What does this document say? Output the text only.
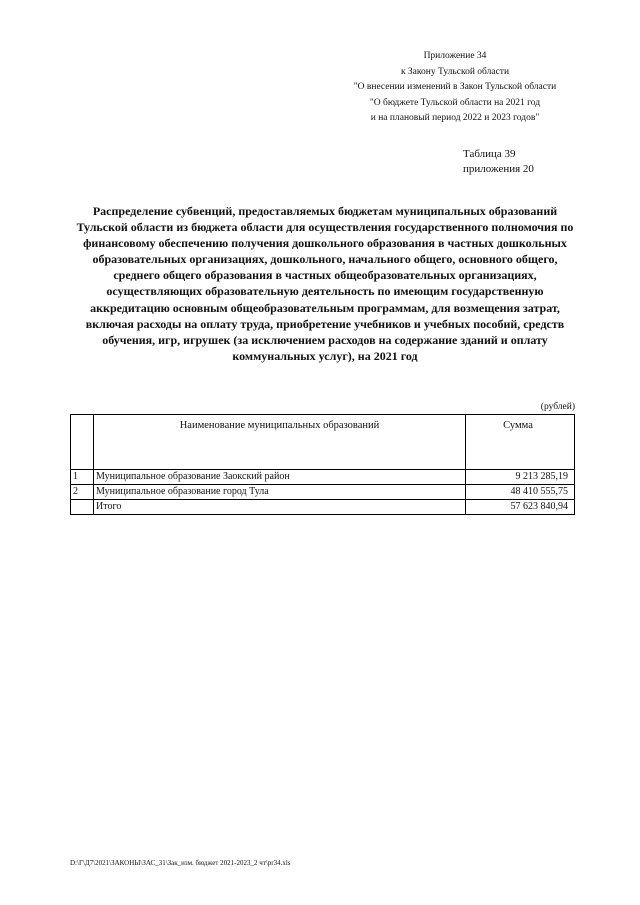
Приложение 34
к Закону Тульской области
"О внесении изменений в Закон Тульской области
"О бюджете Тульской области на 2021 год
и на плановый период 2022 и 2023 годов"
Таблица 39
приложения 20
Распределение субвенций, предоставляемых бюджетам муниципальных образований Тульской области из бюджета области для осуществления государственного полномочия по финансовому обеспечению получения дошкольного образования в частных дошкольных образовательных организациях, дошкольного, начального общего, основного общего, среднего общего образования в частных общеобразовательных организациях, осуществляющих образовательную деятельность по имеющим государственную аккредитацию основным общеобразовательным программам, для возмещения затрат, включая расходы на оплату труда, приобретение учебников и учебных пособий, средств обучения, игр, игрушек (за исключением расходов на содержание зданий и оплату коммунальных услуг), на 2021 год
(рублей)
	Наименование муниципальных образований	Сумма
1	Муниципальное образование Заокский район	9 213 285,19
2	Муниципальное образование город Тула	48 410 555,75
	Итого	57 623 840,94
D:\Г\Д7\2021\ЗАКОНЫ\ЗАС_31\Зак_изм. бюджет 2021-2023_2 чт\pr34.xls
